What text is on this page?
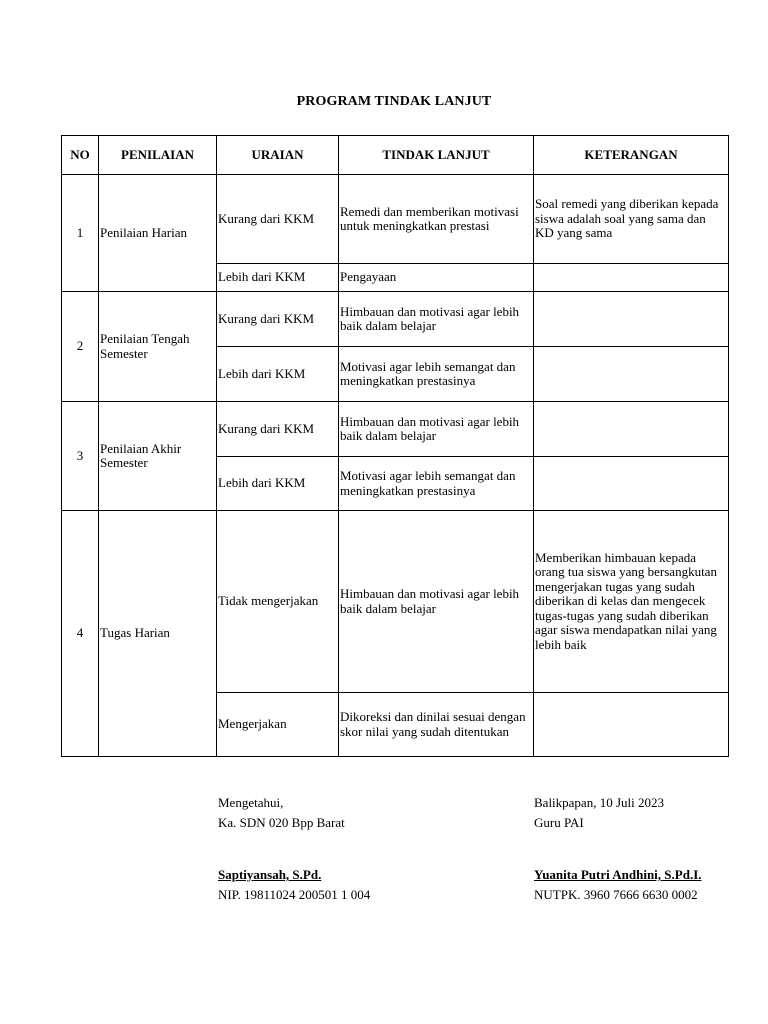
PROGRAM TINDAK LANJUT
NO	PENILAIAN	URAIAN	TINDAK LANJUT	KETERANGAN
1	Penilaian Harian	Kurang dari KKM	Remedi dan memberikan motivasi untuk meningkatkan prestasi	Soal remedi yang diberikan kepada siswa adalah soal yang sama dan KD yang sama
		Lebih dari KKM	Pengayaan	
2	Penilaian Tengah Semester	Kurang dari KKM	Himbauan dan motivasi agar lebih baik dalam belajar	
		Lebih dari KKM	Motivasi agar lebih semangat dan meningkatkan prestasinya	
3	Penilaian Akhir Semester	Kurang dari KKM	Himbauan dan motivasi agar lebih baik dalam belajar	
		Lebih dari KKM	Motivasi agar lebih semangat dan meningkatkan prestasinya	
4	Tugas Harian	Tidak mengerjakan	Himbauan dan motivasi agar lebih baik dalam belajar	Memberikan himbauan kepada orang tua siswa yang bersangkutan mengerjakan tugas yang sudah diberikan di kelas dan mengecek tugas-tugas yang sudah diberikan agar siswa mendapatkan nilai yang lebih baik
		Mengerjakan	Dikoreksi dan dinilai sesuai dengan skor nilai yang sudah ditentukan	
Mengetahui,
Ka. SDN 020 Bpp Barat
Saptiyansah, S.Pd.
NIP. 19811024 200501 1 004
Balikpapan, 10 Juli 2023
Guru PAI
Yuanita Putri Andhini, S.Pd.I.
NUTPK. 3960 7666 6630 0002
